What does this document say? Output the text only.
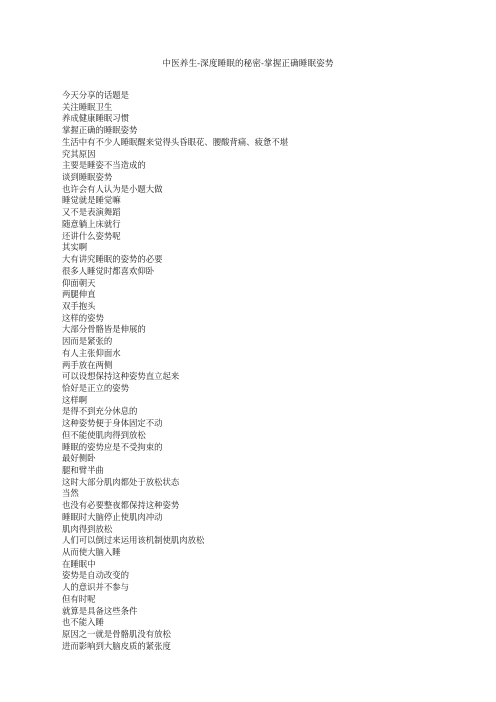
中医养生-深度睡眠的秘密-掌握正确睡眠姿势
今天分享的话题是
关注睡眠卫生
养成健康睡眠习惯
掌握正确的睡眠姿势
生活中有不少人睡眠醒来觉得头昏眼花、腰酸背痛、疲惫不堪
究其原因
主要是睡姿不当造成的
谈到睡眠姿势
也许会有人认为是小题大做
睡觉就是睡觉嘛
又不是表演舞蹈
随意躺上床就行
还讲什么姿势呢
其实啊
大有讲究睡眠的姿势的必要
很多人睡觉时都喜欢仰卧
仰面朝天
两腿伸直
双手抱头
这样的姿势
大部分骨骼皆是伸展的
因而是紧张的
有人主张仰面水
两手放在两侧
可以设想保持这种姿势直立起来
恰好是正立的姿势
这样啊
是得不到充分休息的
这种姿势便于身体固定不动
但不能使肌肉得到放松
睡眠的姿势应是不受拘束的
最好侧卧
腿和臂半曲
这时大部分肌肉都处于放松状态
当然
也没有必要整夜都保持这种姿势
睡眠时大脑停止使肌肉冲动
肌肉得到放松
人们可以倒过来运用该机制使肌肉放松
从而使大脑入睡
在睡眠中
姿势是自动改变的
人的意识并不参与
但有时呢
就算是具备这些条件
也不能入睡
原因之一就是骨骼肌没有放松
进而影响到大脑皮质的紧张度
